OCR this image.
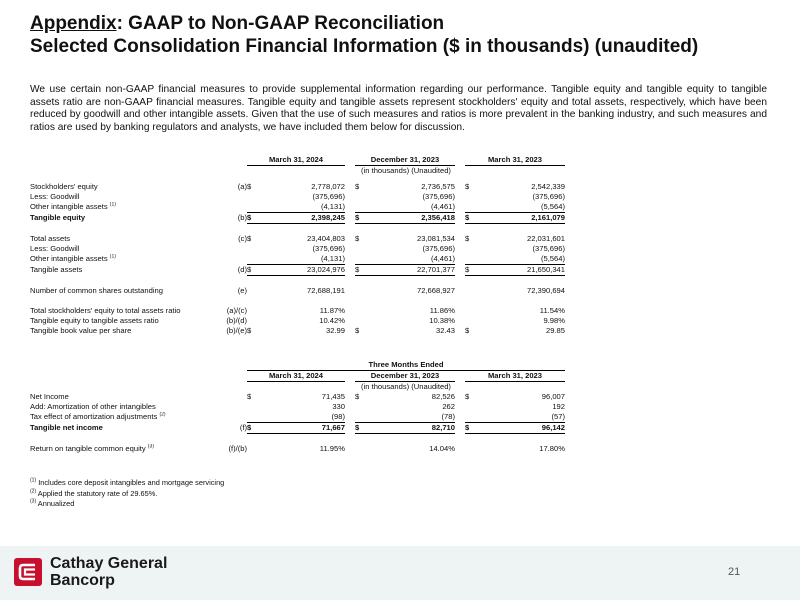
Appendix: GAAP to Non-GAAP Reconciliation
Selected Consolidation Financial Information ($ in thousands) (unaudited)
We use certain non-GAAP financial measures to provide supplemental information regarding our performance. Tangible equity and tangible equity to tangible assets ratio are non-GAAP financial measures. Tangible equity and tangible assets represent stockholders' equity and total assets, respectively, which have been reduced by goodwill and other intangible assets. Given that the use of such measures and ratios is more prevalent in the banking industry, and such measures and ratios are used by banking regulators and analysts, we have included them below for discussion.
		March 31, 2024			December 31, 2023			March 31, 2023	
		(in thousands) (Unaudited)							

Stockholders' equity	(a)	$	2,778,072		$	2,736,575		$	2,542,339
Less: Goodwill			(375,696)			(375,696)			(375,696)
Other intangible assets $^{(1)}$			(4,131)			(4,461)			(5,564)
Tangible equity	(b)	$	2,398,245		$	2,356,418		$	2,161,079

Total assets	(c)	$	23,404,803		$	23,081,534		$	22,031,601
Less: Goodwill			(375,696)			(375,696)			(375,696)
Other intangible assets $^{(1)}$			(4,131)			(4,461)			(5,564)
Tangible assets	(d)	$	23,024,976		$	22,701,377		$	21,650,341

Number of common shares outstanding	(e)		72,688,191			72,668,927			72,390,694

Total stockholders' equity to total assets ratio	(a)/(c)		11.87%			11.86%			11.54%
Tangible equity to tangible assets ratio	(b)/(d)		10.42%			10.38%			9.98%
Tangible book value per share	(b)/(e)	$	32.99		$	32.43		$	29.85
		Three Months Ended							
		March 31, 2024			December 31, 2023			March 31, 2023	
		(in thousands) (Unaudited)							
Net Income		$	71,435		$	82,526		$	96,007
Add: Amortization of other intangibles			330			262			192
Tax effect of amortization adjustments $^{(2)}$			(98)			(78)			(57)
Tangible net income	(f)	$	71,667		$	82,710		$	96,142

Return on tangible common equity $^{(3)}$	(f)/(b)		11.95%			14.04%			17.80%
$^{(1)}$ Includes core deposit intangibles and mortgage servicing
$^{(2)}$ Applied the statutory rate of 29.65%.
$^{(3)}$ Annualized
Cathay General
Bancorp	21
